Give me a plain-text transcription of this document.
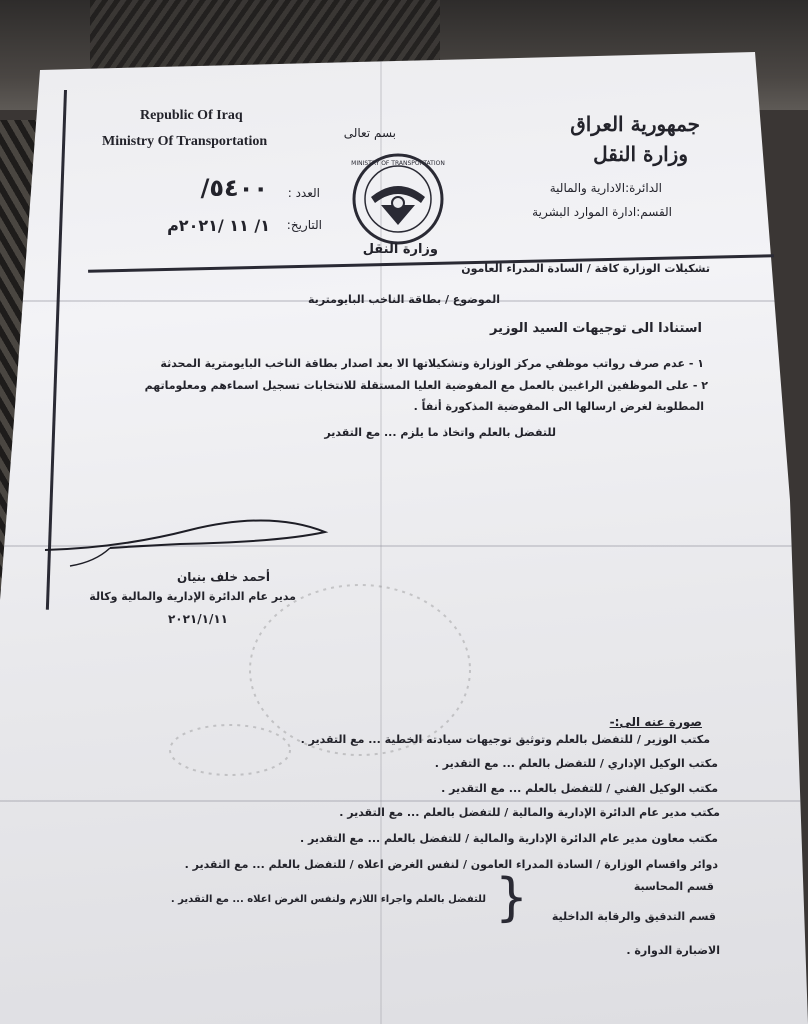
Republic Of Iraq
Ministry Of Transportation
جمهورية العراق
وزارة النقل
بسم تعالى
الدائرة:الادارية والمالية
القسم:ادارة الموارد البشرية
العدد :
٥٤٠٠/
التاريخ:
١/ ١١ /٢٠٢١م
MINISTRY OF TRANSPORTATION
وزارة النقل
تشكيلات الوزارة كافة / السادة المدراء العامون
الموضوع / بطاقة الناخب البايومترية
استنادا الى توجيهات السيد الوزير
١ - عدم صرف رواتب موظفي مركز الوزارة وتشكيلاتها الا بعد اصدار بطاقة الناخب البايومترية المحدثة
٢ - على الموظفين الراغبين بالعمل مع المفوضية العليا المستقلة للانتخابات تسجيل اسماءهم ومعلوماتهم
المطلوبة لغرض ارسالها الى المفوضية المذكورة أنفاً .
للتفضل بالعلم واتخاذ ما يلزم ... مع التقدير
أحمد خلف بنيان
مدير عام الدائرة الإدارية والمالية وكالة
٢٠٢١/١/١١
صورة عنه الى:-
مكتب الوزير / للتفضل بالعلم وتوثيق توجيهات سيادته الخطية ... مع التقدير .
مكتب الوكيل الإداري / للتفضل بالعلم ... مع التقدير .
مكتب الوكيل الفني / للتفضل بالعلم ... مع التقدير .
مكتب مدير عام الدائرة الإدارية والمالية / للتفضل بالعلم ... مع التقدير .
مكتب معاون مدير عام الدائرة الإدارية والمالية / للتفضل بالعلم ... مع التقدير .
دوائر واقسام الوزارة / السادة المدراء العامون / لنفس الغرض اعلاه / للتفضل بالعلم ... مع التقدير .
قسم المحاسبة
قسم التدقيق والرقابة الداخلية
الاضبارة الدوارة .
}
للتفضل بالعلم واجراء اللازم ولنفس الغرض اعلاه ... مع التقدير .
